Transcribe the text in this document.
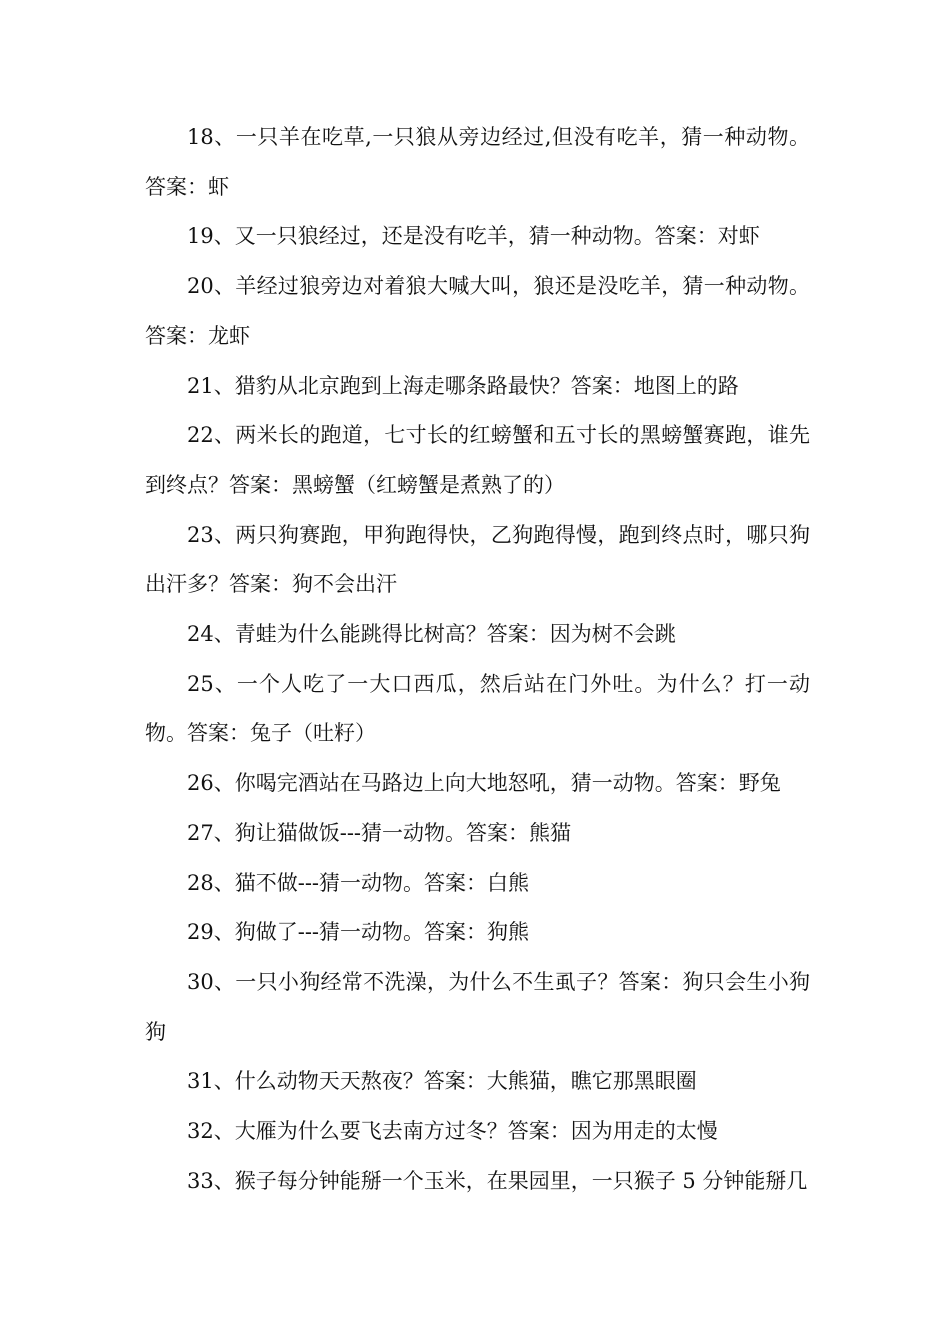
18、一只羊在吃草,一只狼从旁边经过,但没有吃羊，猜一种动物。答案：虾

19、又一只狼经过，还是没有吃羊，猜一种动物。答案：对虾

20、羊经过狼旁边对着狼大喊大叫，狼还是没吃羊，猜一种动物。答案：龙虾

21、猎豹从北京跑到上海走哪条路最快？答案：地图上的路

22、两米长的跑道，七寸长的红螃蟹和五寸长的黑螃蟹赛跑，谁先到终点？答案：黑螃蟹（红螃蟹是煮熟了的）

23、两只狗赛跑，甲狗跑得快，乙狗跑得慢，跑到终点时，哪只狗出汗多？答案：狗不会出汗

24、青蛙为什么能跳得比树高？答案：因为树不会跳

25、一个人吃了一大口西瓜，然后站在门外吐。为什么？打一动物。答案：兔子（吐籽）

26、你喝完酒站在马路边上向大地怒吼，猜一动物。答案：野兔

27、狗让猫做饭---猜一动物。答案：熊猫

28、猫不做---猜一动物。答案：白熊

29、狗做了---猜一动物。答案：狗熊

30、一只小狗经常不洗澡，为什么不生虱子？答案：狗只会生小狗狗

31、什么动物天天熬夜？答案：大熊猫，瞧它那黑眼圈

32、大雁为什么要飞去南方过冬？答案：因为用走的太慢

33、猴子每分钟能掰一个玉米，在果园里，一只猴子 5 分钟能掰几
